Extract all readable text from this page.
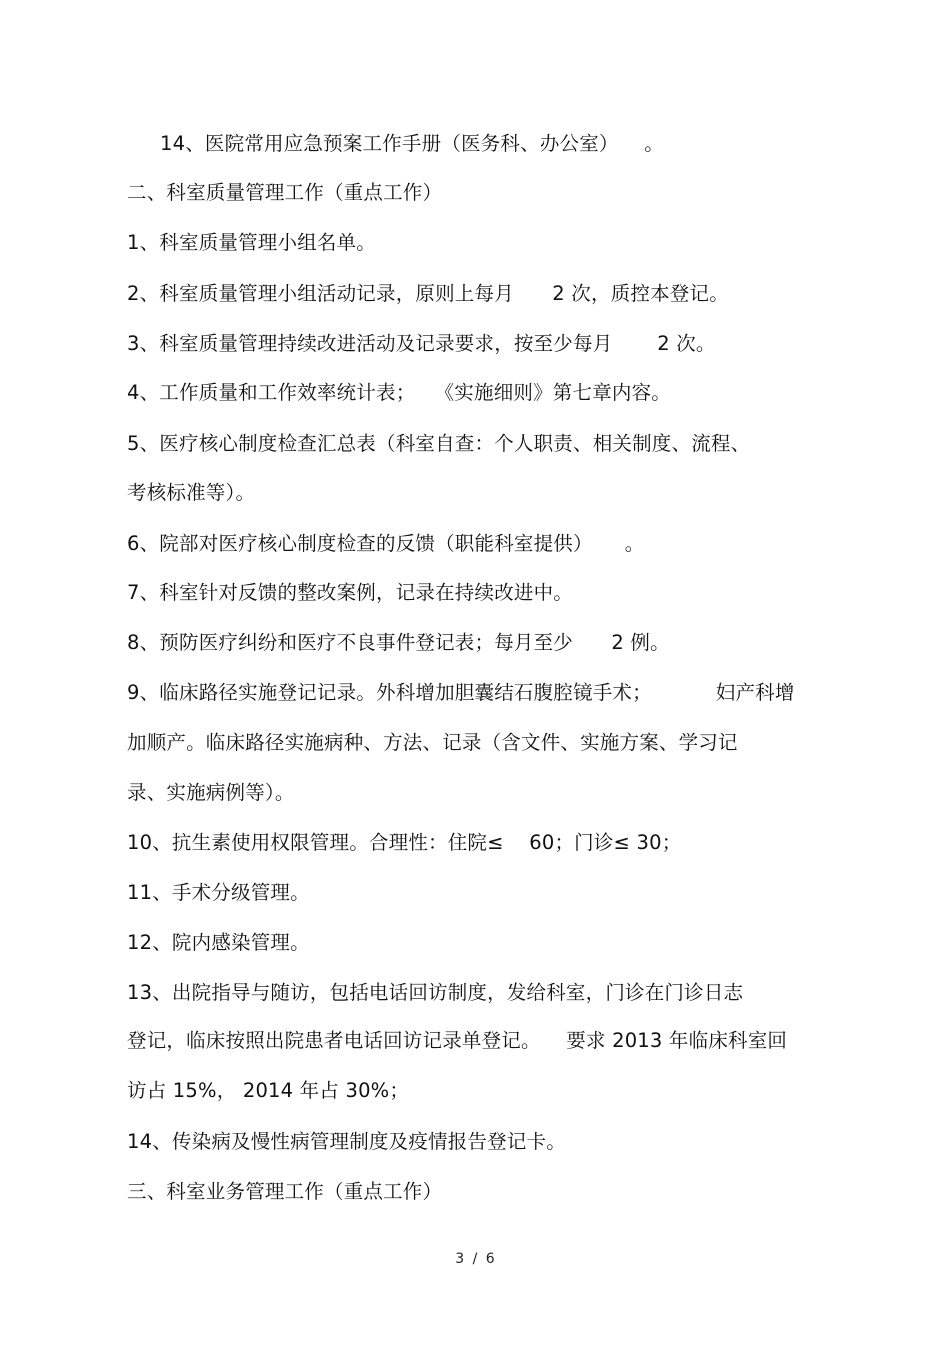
14、医院常用应急预案工作手册（医务科、办公室）    。
二、科室质量管理工作（重点工作）
1、科室质量管理小组名单。
2、科室质量管理小组活动记录，原则上每月      2 次，质控本登记。
3、科室质量管理持续改进活动及记录要求，按至少每月       2 次。
4、工作质量和工作效率统计表；   《实施细则》第七章内容。
5、医疗核心制度检查汇总表（科室自查：个人职责、相关制度、流程、
考核标准等）。
6、院部对医疗核心制度检查的反馈（职能科室提供）     。
7、科室针对反馈的整改案例，记录在持续改进中。
8、预防医疗纠纷和医疗不良事件登记表；每月至少      2 例。
9、临床路径实施登记记录。外科增加胆囊结石腹腔镜手术；          妇产科增
加顺产。临床路径实施病种、方法、记录（含文件、实施方案、学习记
录、实施病例等）。
10、抗生素使用权限管理。合理性：住院≤    60；门诊≤ 30；
11、手术分级管理。
12、院内感染管理。
13、出院指导与随访，包括电话回访制度，发给科室，门诊在门诊日志
登记，临床按照出院患者电话回访记录单登记。    要求 2013 年临床科室回
访占 15%， 2014 年占 30%；
14、传染病及慢性病管理制度及疫情报告登记卡。
三、科室业务管理工作（重点工作）
3 / 6
